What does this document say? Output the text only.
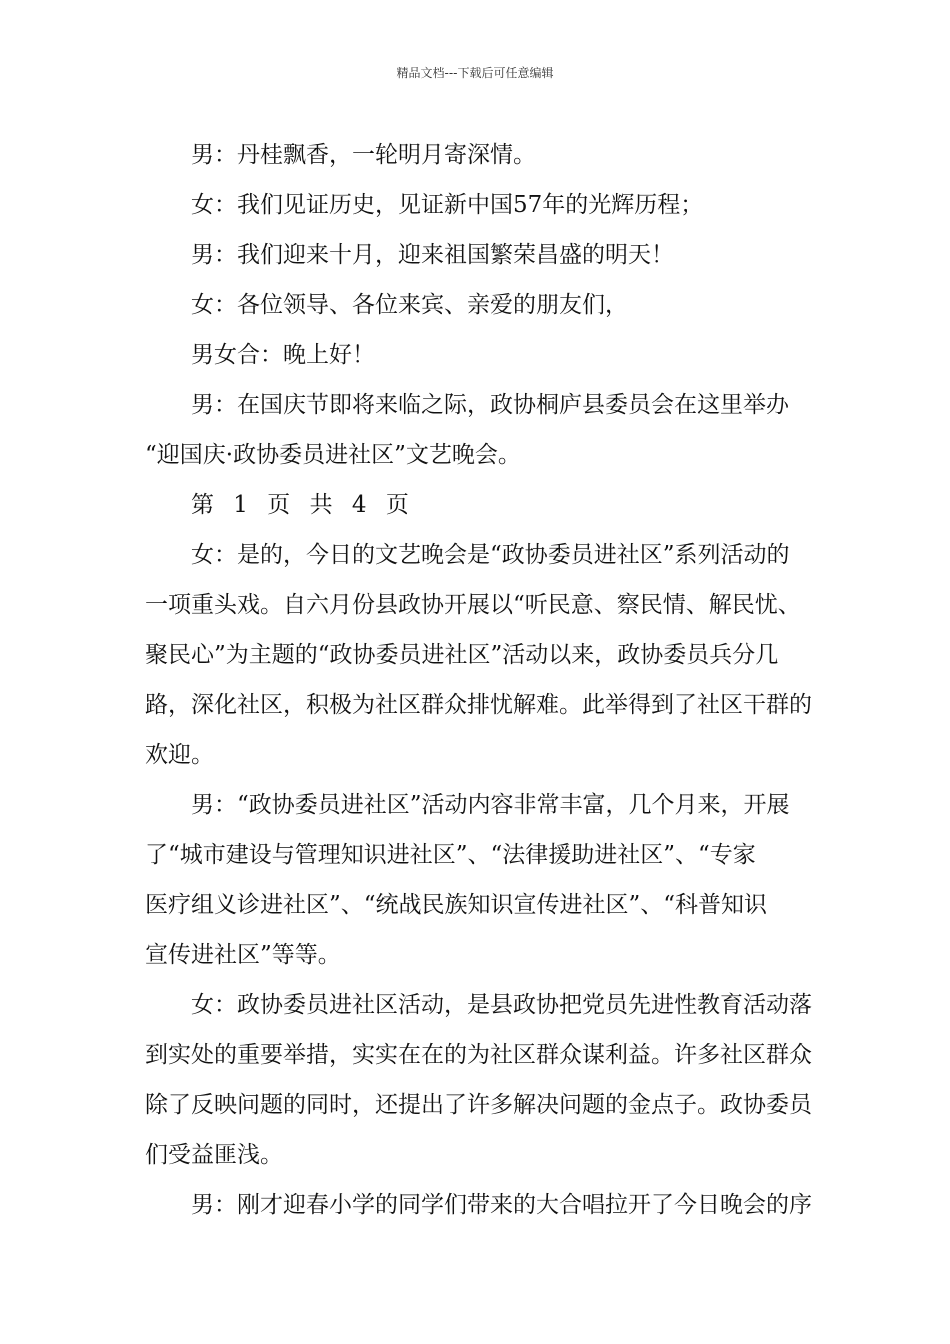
精品文档---下载后可任意编辑

男：丹桂飘香，一轮明月寄深情。

女：我们见证历史，见证新中国57年的光辉历程；

男：我们迎来十月，迎来祖国繁荣昌盛的明天！

女：各位领导、各位来宾、亲爱的朋友们，

男女合：晚上好！

男：在国庆节即将来临之际，政协桐庐县委员会在这里举办

“迎国庆·政协委员进社区”文艺晚会。

第 1 页 共 4 页

女：是的，今日的文艺晚会是“政协委员进社区”系列活动的

一项重头戏。自六月份县政协开展以“听民意、察民情、解民忧、

聚民心”为主题的“政协委员进社区”活动以来，政协委员兵分几

路，深化社区，积极为社区群众排忧解难。此举得到了社区干群的

欢迎。

男：“政协委员进社区”活动内容非常丰富，几个月来，开展

了“城市建设与管理知识进社区”、“法律援助进社区”、“专家

医疗组义诊进社区”、“统战民族知识宣传进社区”、“科普知识

宣传进社区”等等。

女：政协委员进社区活动，是县政协把党员先进性教育活动落

到实处的重要举措，实实在在的为社区群众谋利益。许多社区群众

除了反映问题的同时，还提出了许多解决问题的金点子。政协委员

们受益匪浅。

男：刚才迎春小学的同学们带来的大合唱拉开了今日晚会的序
